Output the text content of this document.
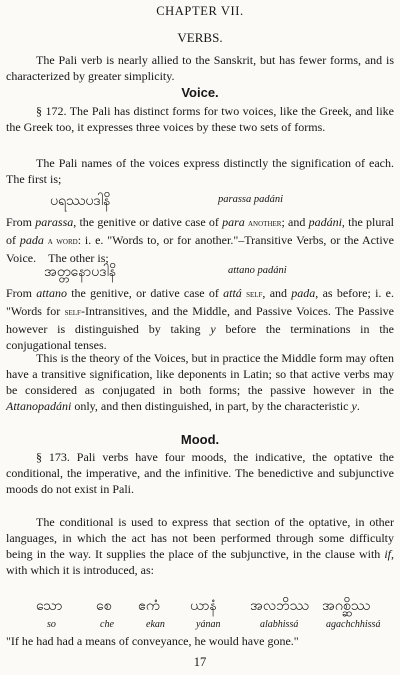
CHAPTER VII.
VERBS.

The Pali verb is nearly allied to the Sanskrit, but has fewer forms, and is characterized by greater simplicity.

Voice.

§ 172. The Pali has distinct forms for two voices, like the Greek, and like the Greek too, it expresses three voices by these two sets of forms.

The Pali names of the voices express distinctly the signification of each. The first is;

ပရဿပဒါနိ	parassa padáni

From parassa, the genitive or dative case of para another; and padáni, the plural of pada a word: i. e. "Words to, or for another."–Transitive Verbs, or the Active Voice. The other is;

အတ္တနောပဒါနိ	attano padáni

From attano the genitive, or dative case of attá self, and pada, as before; i. e. "Words for self-Intransitives, and the Middle, and Passive Voices. The Passive however is distinguished by taking y before the terminations in the conjugational tenses.

This is the theory of the Voices, but in practice the Middle form may often have a transitive signification, like deponents in Latin; so that active verbs may be considered as conjugated in both forms; the passive however in the Attanopadáni only, and then distinguished, in part, by the characteristic y.

Mood.

§ 173. Pali verbs have four moods, the indicative, the optative the conditional, the imperative, and the infinitive. The benedictive and subjunctive moods do not exist in Pali.

The conditional is used to express that section of the optative, in other languages, in which the act has not been performed through some difficulty being in the way. It supplies the place of the subjunctive, in the clause with if, with which it is introduced, as:

သော စေ ဧကံ ယာနံ အလဘိဿ အဂစ္ဆိဿ
so	che	ekan	yánan	alabhissá	agachchhissá

"If he had had a means of conveyance, he would have gone."

17
